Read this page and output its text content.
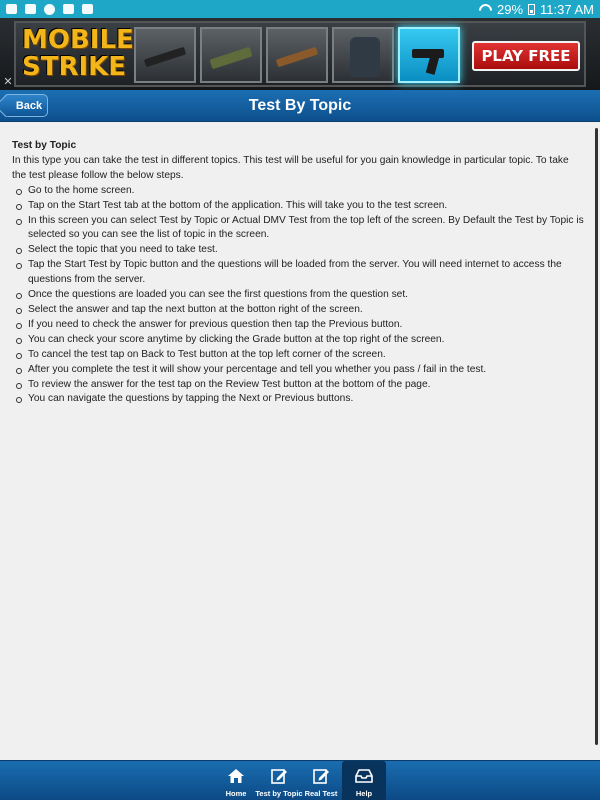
29% 11:37 AM
MOBILE
STRIKE	PLAY FREE
✕
Test By Topic
Back
Test by Topic
In this type you can take the test in different topics. This test will be useful for you gain knowledge in particular topic. To take the test please follow the below steps.
Go to the home screen.
Tap on the Start Test tab at the bottom of the application. This will take you to the test screen.
In this screen you can select Test by Topic or Actual DMV Test from the top left of the screen. By Default the Test by Topic is selected so you can see the list of topic in the screen.
Select the topic that you need to take test.
Tap the Start Test by Topic button and the questions will be loaded from the server. You will need internet to access the questions from the server.
Once the questions are loaded you can see the first questions from the question set.
Select the answer and tap the next button at the botton right of the screen.
If you need to check the answer for previous question then tap the Previous button.
You can check your score anytime by clicking the Grade button at the top right of the screen.
To cancel the test tap on Back to Test button at the top left corner of the screen.
After you complete the test it will show your percentage and tell you whether you pass / fail in the test.
To review the answer for the test tap on the Review Test button at the bottom of the page.
You can navigate the questions by tapping the Next or Previous buttons.
Home	Test by Topic Real Test	Help
